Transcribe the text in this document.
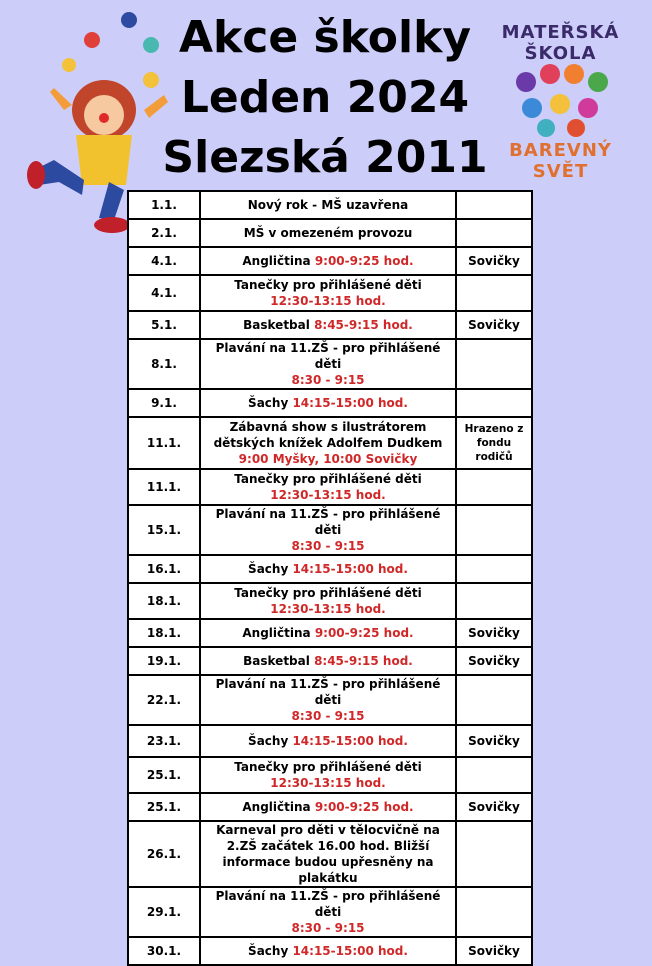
Akce školky
Leden 2024
Slezská 2011
MATEŘSKÁ ŠKOLA
BAREVNÝ SVĚT
1.1.	Nový rok - MŠ uzavřena	
2.1.	MŠ v omezeném provozu	
4.1.	Angličtina 9:00-9:25 hod.	Sovičky
4.1.	Tanečky pro přihlášené děti
12:30-13:15 hod.	
5.1.	Basketbal 8:45-9:15 hod.	Sovičky
8.1.	Plavání na 11.ZŠ - pro přihlášené děti
8:30 - 9:15	
9.1.	Šachy 14:15-15:00 hod.	
11.1.	Zábavná show s ilustrátorem dětských knížek Adolfem Dudkem
9:00 Myšky, 10:00 Sovičky	Hrazeno z fondu rodičů
11.1.	Tanečky pro přihlášené děti
12:30-13:15 hod.	
15.1.	Plavání na 11.ZŠ - pro přihlášené děti
8:30 - 9:15	
16.1.	Šachy 14:15-15:00 hod.	
18.1.	Tanečky pro přihlášené děti
12:30-13:15 hod.	
18.1.	Angličtina 9:00-9:25 hod.	Sovičky
19.1.	Basketbal 8:45-9:15 hod.	Sovičky
22.1.	Plavání na 11.ZŠ - pro přihlášené děti
8:30 - 9:15	
23.1.	Šachy 14:15-15:00 hod.	Sovičky
25.1.	Tanečky pro přihlášené děti
12:30-13:15 hod.	
25.1.	Angličtina 9:00-9:25 hod.	Sovičky
26.1.	Karneval pro děti v tělocvičně na 2.ZŠ začátek 16.00 hod. Bližší informace budou upřesněny na plakátku	
29.1.	Plavání na 11.ZŠ - pro přihlášené děti
8:30 - 9:15	
30.1.	Šachy 14:15-15:00 hod.	Sovičky
